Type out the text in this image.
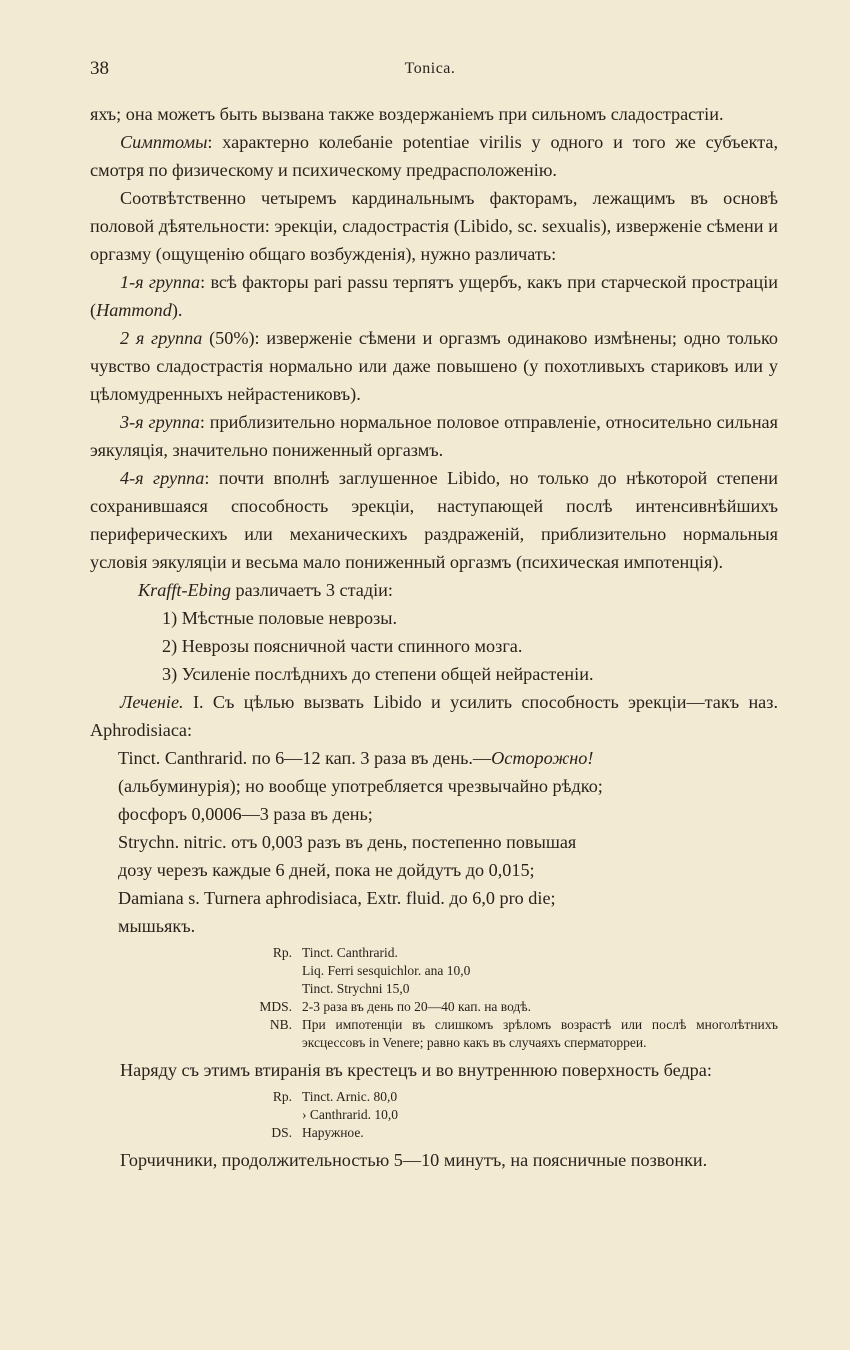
38	Tonica.

яхъ; она можетъ быть вызвана также воздержаніемъ при сильномъ сладострастіи.

Симптомы: характерно колебаніе potentiae virilis у одного и того же субъекта, смотря по физическому и психическому предрасположенію.

Соотвѣтственно четыремъ кардинальнымъ факторамъ, лежащимъ въ основѣ половой дѣятельности: эрекціи, сладострастія (Libido, sc. sexualis), изверженіе сѣмени и оргазму (ощущенію общаго возбужденія), нужно различать:

1-я группа: всѣ факторы pari passu терпятъ ущербъ, какъ при старческой прострацiи (Hammond).

2 я группа (50%): изверженіе сѣмени и оргазмъ одинаково измѣнены; одно только чувство сладострастія нормально или даже повышено (у похотливыхъ стариковъ или у цѣломудренныхъ нейрастениковъ).

3-я группа: приблизительно нормальное половое отправленіе, относительно сильная эякуляція, значительно пониженный оргазмъ.

4-я группа: почти вполнѣ заглушенное Libido, но только до нѣкоторой степени сохранившаяся способность эрекціи, наступающей послѣ интенсивнѣйшихъ периферическихъ или механическихъ раздраженій, приблизительно нормальныя условія эякуляціи и весьма мало пониженный оргазмъ (психическая импотенція).

Krafft-Ebing различаетъ 3 стадіи:

1) Мѣстные половые неврозы.

2) Неврозы поясничной части спинного мозга.

3) Усиленіе послѣднихъ до степени общей нейрастеніи.

Леченіе. I. Съ цѣлью вызвать Libido и усилить способность эрекціи—такъ наз. Aphrodisiaca:

Tinct. Canthrarid. по 6—12 кап. 3 раза въ день.—Осторожно!

(альбуминурія); но вообще употребляется чрезвычайно рѣдко;

фосфоръ 0,0006—3 раза въ день;

Strychn. nitric. отъ 0,003 разъ въ день, постепенно повышая

дозу черезъ каждые 6 дней, пока не дойдутъ до 0,015;

Damiana s. Turnera aphrodisiaca, Extr. fluid. до 6,0 pro die;

мышьякъ.

Rp. Tinct. Canthrarid.
Liq. Ferri sesquichlor. ana 10,0
Tinct. Strychni 15,0
MDS. 2-3 раза въ день по 20—40 кап. на водѣ.
NB. При импотенціи въ слишкомъ зрѣломъ возрастѣ или послѣ многолѣтнихъ эксцессовъ in Venere; равно какъ въ случаяхъ сперматорреи.

Наряду съ этимъ втиранія въ крестецъ и во внутреннюю поверхность бедра:

Rp. Tinct. Arnic. 80,0
› Canthrarid. 10,0
DS. Наружное.

Горчичники, продолжительностью 5—10 минутъ, на поясничные позвонки.
